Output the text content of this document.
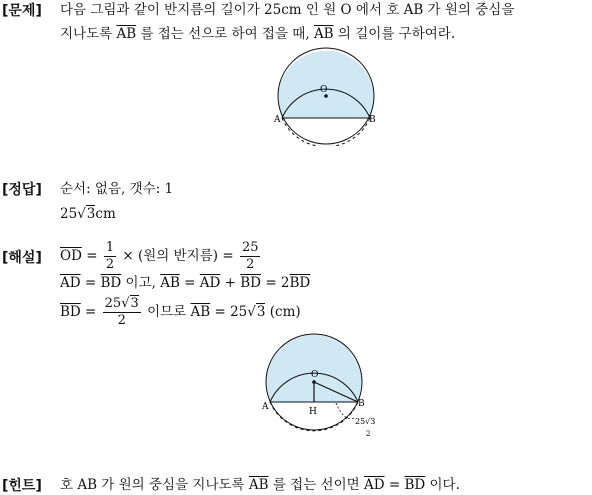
[문제] 다음 그림과 같이 반지름의 길이가 25cm 인 원 O 에서 호 AB 가 원의 중심을
지나도록 $\overline{AB}$ 를 접는 선으로 하여 접을 때, $\overline{AB}$ 의 길이를 구하여라.
O
A	B
[정답] 순서: 없음, 갯수: 1
25√3cm
[해설] $\overline{OD} = \frac{1}{2}$ × (원의 반지름) = $\frac{25}{2}$
$\overline{AD} = \overline{BD}$ 이고, $\overline{AB} = \overline{AD} + \overline{BD} = 2\overline{BD}$
$\overline{BD} = \frac{25√3}{2}$ 이므로 $\overline{AB} = 25√3$ (cm)
O
A	B
H
25√3
2
[힌트] 호 AB 가 원의 중심을 지나도록 $\overline{AB}$ 를 접는 선이면 $\overline{AD} = \overline{BD}$ 이다.
